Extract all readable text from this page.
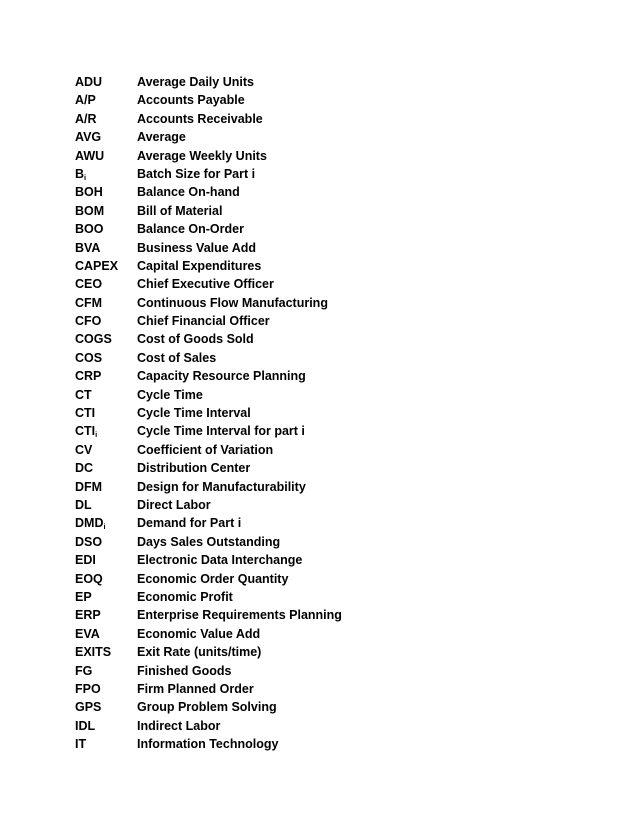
ADU	Average Daily Units
A/P	Accounts Payable
A/R	Accounts Receivable
AVG	Average
AWU	Average Weekly Units
$B_i$	Batch Size for Part i
BOH	Balance On-hand
BOM	Bill of Material
BOO	Balance On-Order
BVA	Business Value Add
CAPEX Capital Expenditures
CEO	Chief Executive Officer
CFM	Continuous Flow Manufacturing
CFO	Chief Financial Officer
COGS Cost of Goods Sold
COS	Cost of Sales
CRP	Capacity Resource Planning
CT	Cycle Time
CTI	Cycle Time Interval
$CTI_i$	Cycle Time Interval for part i
CV	Coefficient of Variation
DC	Distribution Center
DFM	Design for Manufacturability
DL	Direct Labor
$DMD_i$	Demand for Part i
DSO	Days Sales Outstanding
EDI	Electronic Data Interchange
EOQ	Economic Order Quantity
EP	Economic Profit
ERP	Enterprise Requirements Planning
EVA	Economic Value Add
EXITS Exit Rate (units/time)
FG	Finished Goods
FPO	Firm Planned Order
GPS	Group Problem Solving
IDL	Indirect Labor
IT	Information Technology
